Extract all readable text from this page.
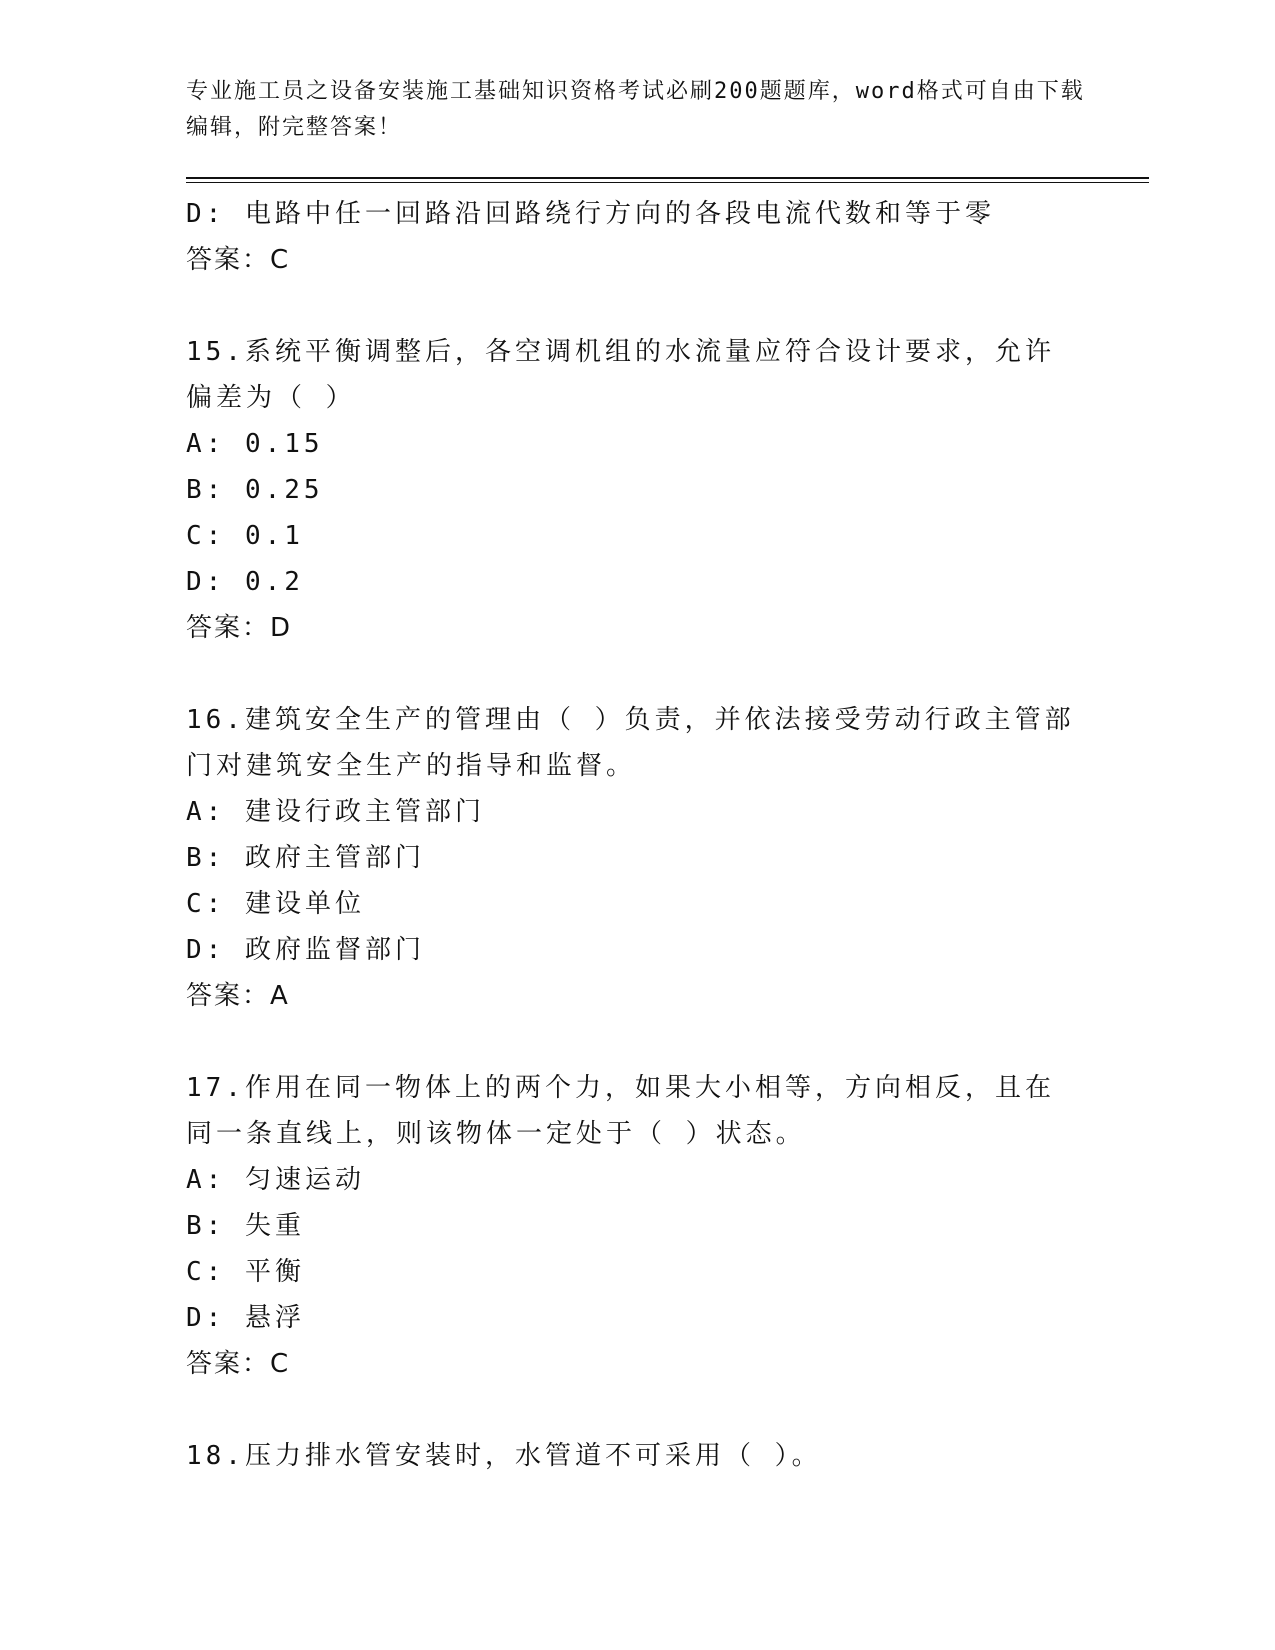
专业施工员之设备安装施工基础知识资格考试必刷200题题库，word格式可自由下载编辑，附完整答案！
D: 电路中任一回路沿回路绕行方向的各段电流代数和等于零
答案：C
15.系统平衡调整后，各空调机组的水流量应符合设计要求，允许偏差为（ ）
A: 0.15
B: 0.25
C: 0.1
D: 0.2
答案：D
16.建筑安全生产的管理由（ ）负责，并依法接受劳动行政主管部门对建筑安全生产的指导和监督。
A: 建设行政主管部门
B: 政府主管部门
C: 建设单位
D: 政府监督部门
答案：A
17.作用在同一物体上的两个力，如果大小相等，方向相反，且在同一条直线上，则该物体一定处于（ ）状态。
A: 匀速运动
B: 失重
C: 平衡
D: 悬浮
答案：C
18.压力排水管安装时，水管道不可采用（ ）。
